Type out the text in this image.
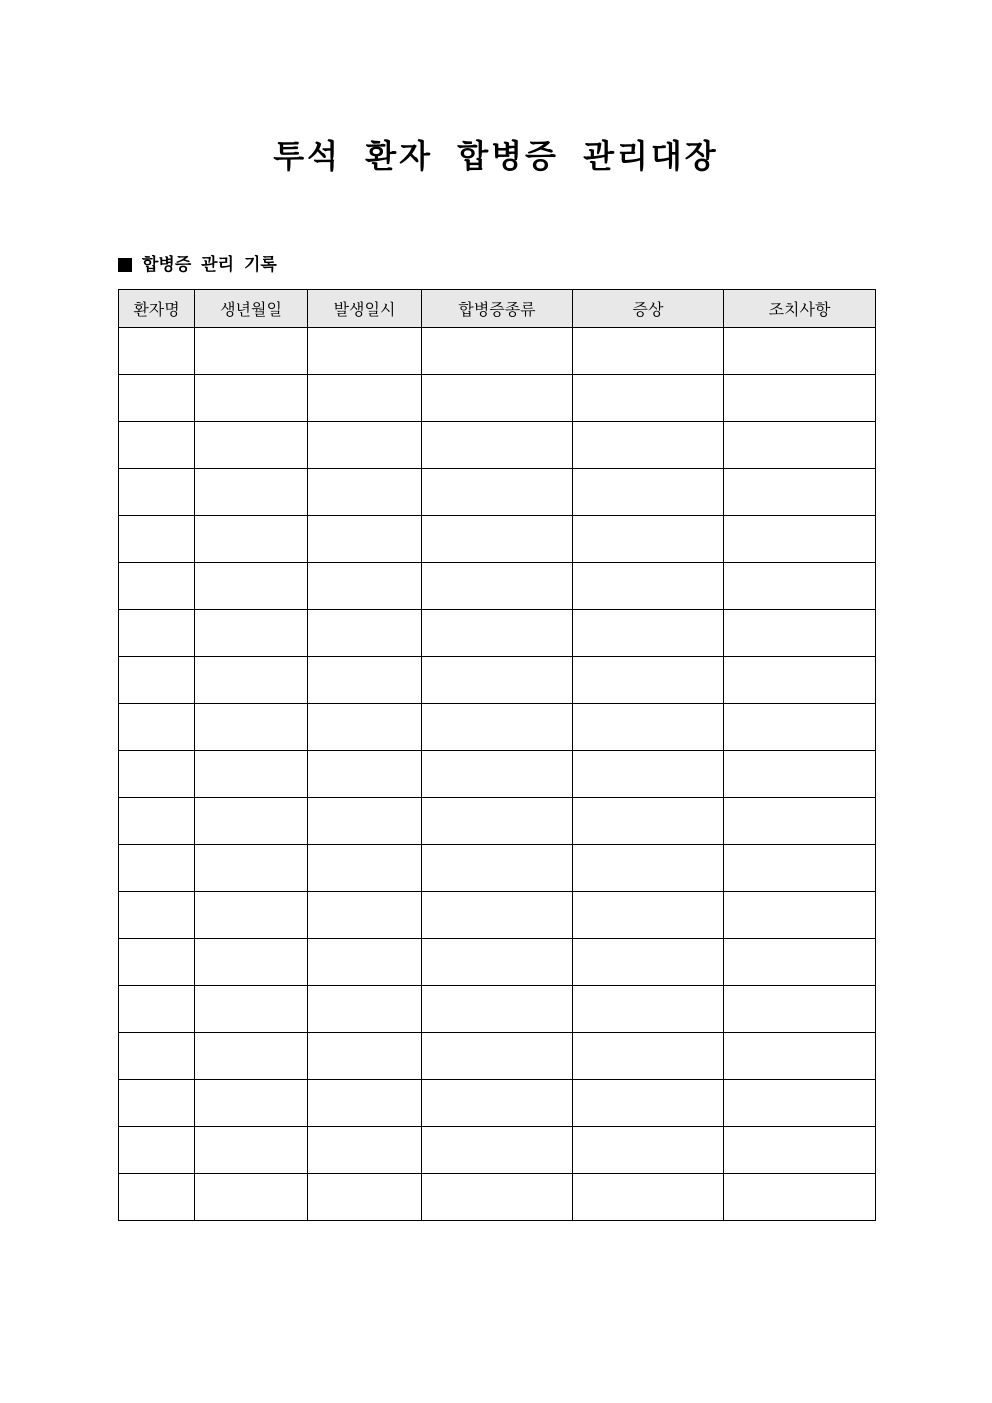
투석 환자 합병증 관리대장
합병증 관리 기록
환자명	생년월일	발생일시	합병증종류	증상	조치사항
